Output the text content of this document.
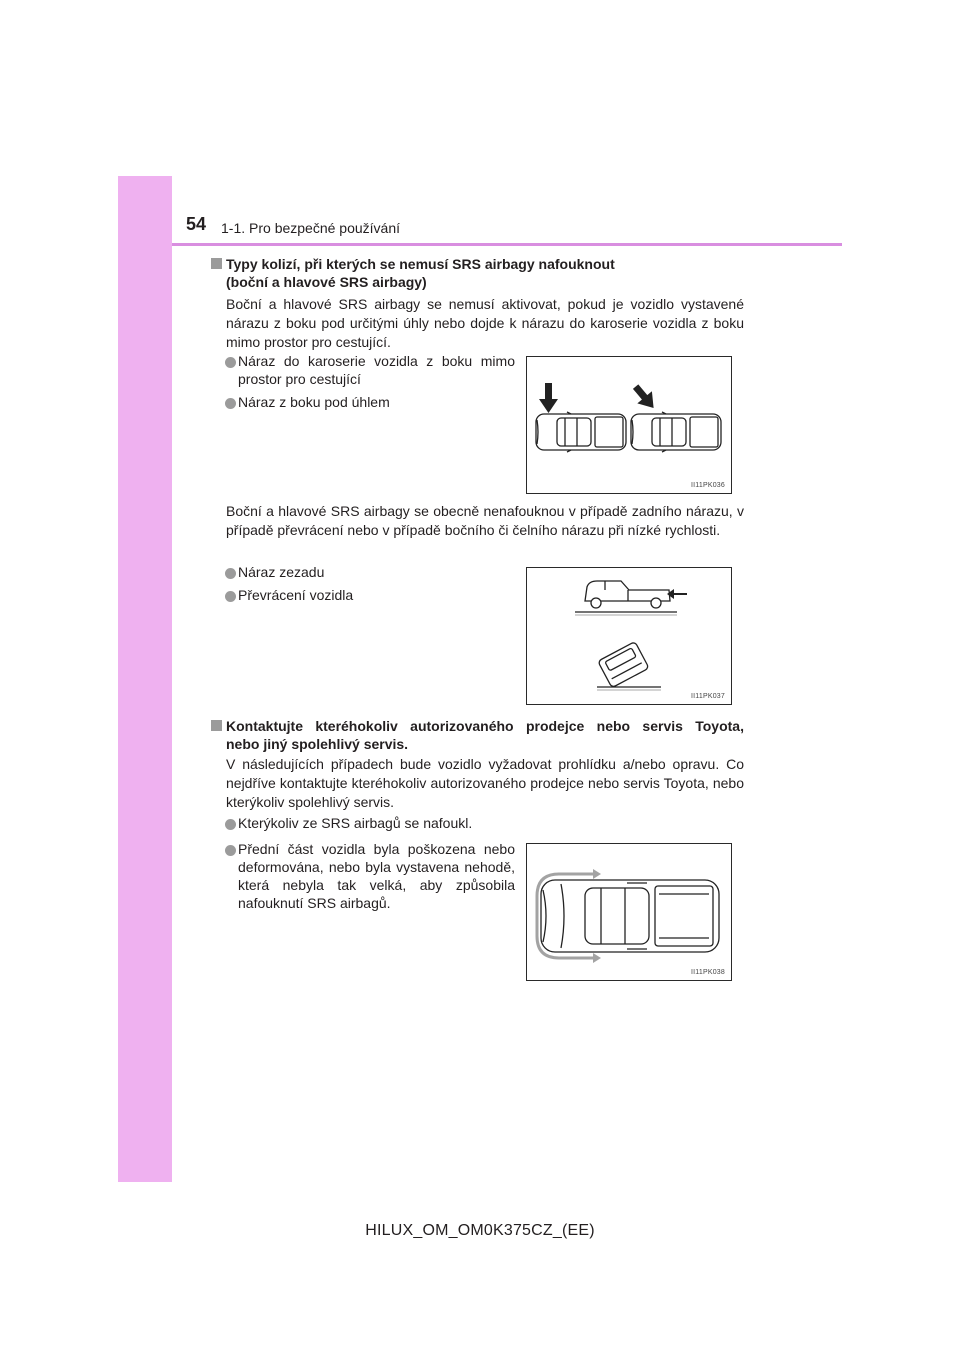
54 1-1. Pro bezpečné používání
Typy kolizí, při kterých se nemusí SRS airbagy nafouknout
(boční a hlavové SRS airbagy)
Boční a hlavové SRS airbagy se nemusí aktivovat, pokud je vozidlo vystavené nárazu z boku pod určitými úhly nebo dojde k nárazu do karoserie vozidla z boku mimo prostor pro cestující.
Náraz do karoserie vozidla z boku mimo prostor pro cestující
Náraz z boku pod úhlem
II11PK036
Boční a hlavové SRS airbagy se obecně nenafouknou v případě zadního nárazu, v případě převrácení nebo v případě bočního či čelního nárazu při nízké rychlosti.
Náraz zezadu
Převrácení vozidla
II11PK037
Kontaktujte kteréhokoliv autorizovaného prodejce nebo servis Toyota,
nebo jiný spolehlivý servis.
V následujících případech bude vozidlo vyžadovat prohlídku a/nebo opravu. Co nejdříve kontaktujte kteréhokoliv autorizovaného prodejce nebo servis Toyota, nebo kterýkoliv spolehlivý servis.
Kterýkoliv ze SRS airbagů se nafoukl.
Přední část vozidla byla poškozena nebo deformována, nebo byla vystavena nehodě, která nebyla tak velká, aby způsobila nafouknutí SRS airbagů.
II11PK038
HILUX_OM_OM0K375CZ_(EE)
